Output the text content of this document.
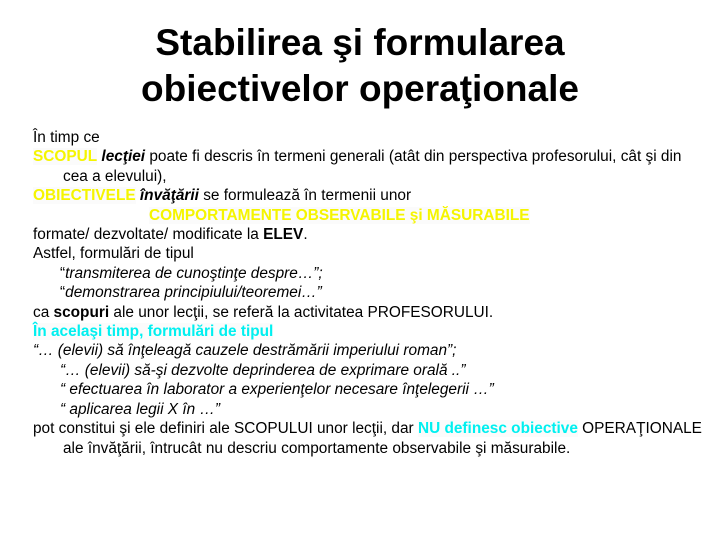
Stabilirea şi formularea
obiectivelor operaţionale

În timp ce

SCOPUL lecţiei poate fi descris în termeni generali (atât din perspectiva profesorului, cât şi din cea a elevului),

OBIECTIVELE învăţării se formulează în termenii unor

COMPORTAMENTE OBSERVABILE şi MĂSURABILE

formate/ dezvoltate/ modificate la ELEV.

Astfel, formulări de tipul

“transmiterea de cunoştinţe despre…”;

“demonstrarea principiului/teoremei…”

ca scopuri ale unor lecţii, se referă la activitatea PROFESORULUI.

În acelaşi timp, formulări de tipul

“… (elevii) să înţeleagă cauzele destrămării imperiului roman”;

“… (elevii) să-şi dezvolte deprinderea de exprimare orală ..”

“ efectuarea în laborator a experienţelor necesare înţelegerii …”

“ aplicarea legii X în …”

pot constitui şi ele definiri ale SCOPULUI unor lecţii, dar NU definesc obiective OPERAŢIONALE ale învăţării, întrucât nu descriu comportamente observabile şi măsurabile.
